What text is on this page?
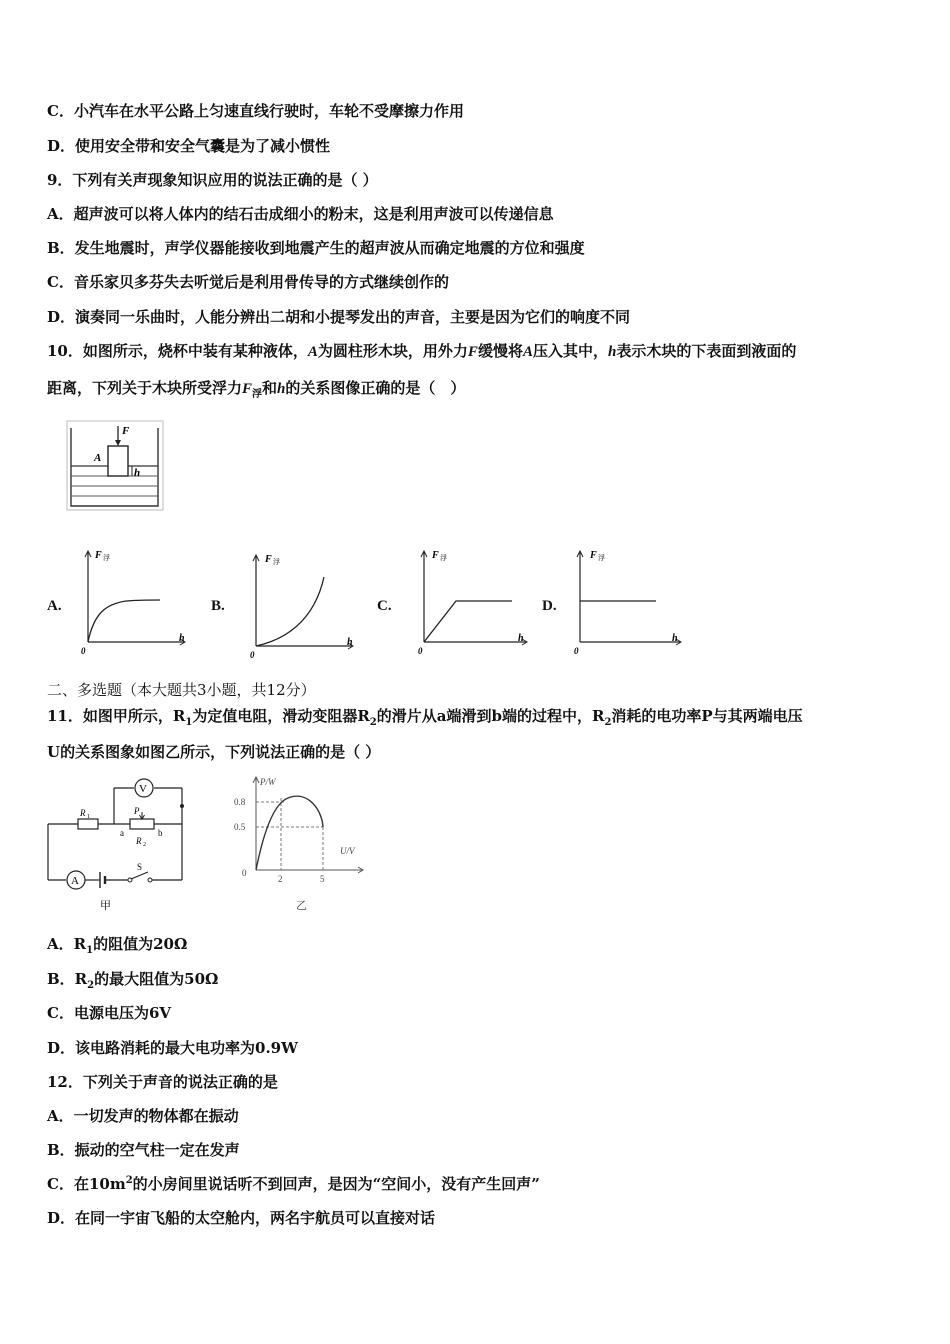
C．小汽车在水平公路上匀速直线行驶时，车轮不受摩擦力作用
D．使用安全带和安全气囊是为了减小惯性
9．下列有关声现象知识应用的说法正确的是（ ）
A．超声波可以将人体内的结石击成细小的粉末，这是利用声波可以传递信息
B．发生地震时，声学仪器能接收到地震产生的超声波从而确定地震的方位和强度
C．音乐家贝多芬失去听觉后是利用骨传导的方式继续创作的
D．演奏同一乐曲时，人能分辨出二胡和小提琴发出的声音，主要是因为它们的响度不同
10．如图所示，烧杯中装有某种液体，A为圆柱形木块，用外力F缓慢将A压入其中，h表示木块的下表面到液面的
距离，下列关于木块所受浮力$F_浮$和h的关系图像正确的是（　）
F
A
h
A.
F 浮
h
0
B.
F 浮
h
0
C.
F 浮
h
0
D.
F 浮
h
0
二、多选题（本大题共3小题，共12分）
11．如图甲所示，$R_1$为定值电阻，滑动变阻器$R_2$的滑片从a端滑到b端的过程中，$R_2$消耗的电功率P与其两端电压
U的关系图象如图乙所示，下列说法正确的是（ ）
V
R 1
P
a	b
R 2
A
S
甲
P/W
U/V
0.8
0.5
2	5
0
乙
A．$R_1$的阻值为20Ω
B．$R_2$的最大阻值为50Ω
C．电源电压为6V
D．该电路消耗的最大电功率为0.9W
12．下列关于声音的说法正确的是
A．一切发声的物体都在振动
B．振动的空气柱一定在发声
C．在$10m^2$的小房间里说话听不到回声，是因为“空间小，没有产生回声”
D．在同一宇宙飞船的太空舱内，两名宇航员可以直接对话
